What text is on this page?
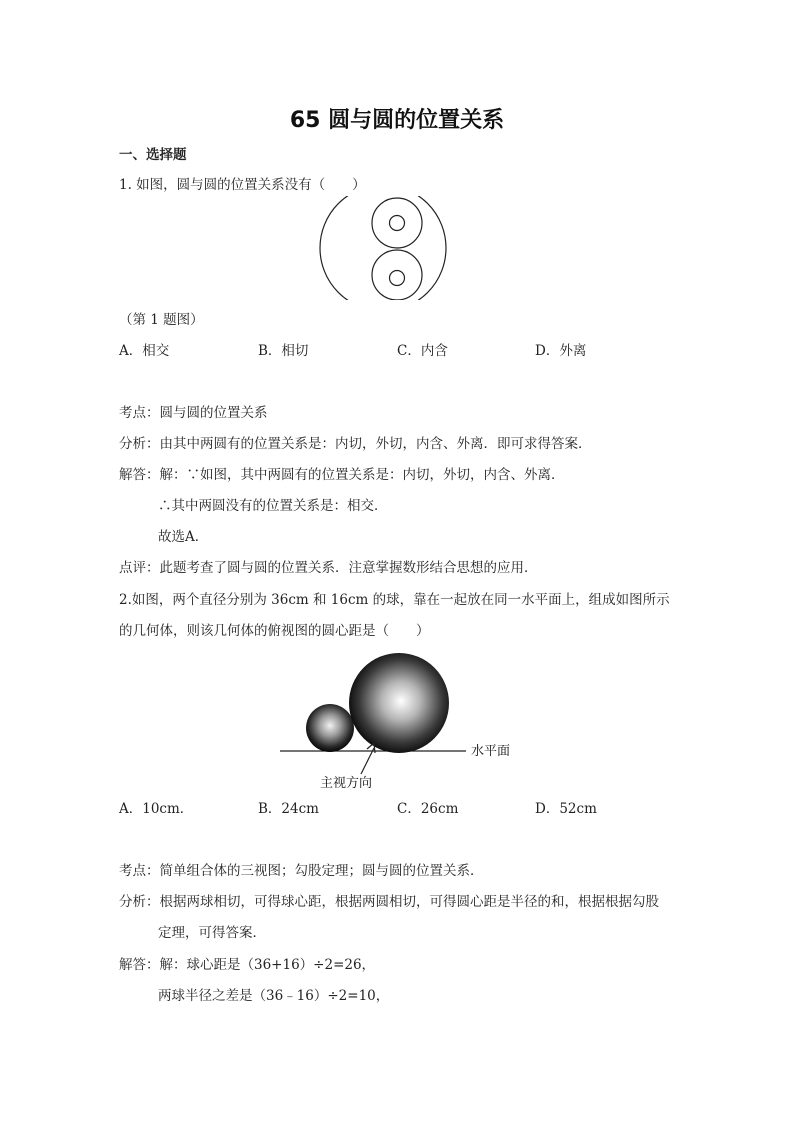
65 圆与圆的位置关系
一、选择题
1. 如图，圆与圆的位置关系没有（　　）
（第 1 题图）
A．相交	B．相切	C．内含	D．外离
考点：圆与圆的位置关系
分析：由其中两圆有的位置关系是：内切，外切，内含、外离．即可求得答案．
解答：解：∵如图，其中两圆有的位置关系是：内切，外切，内含、外离．
∴其中两圆没有的位置关系是：相交．
故选A．
点评：此题考查了圆与圆的位置关系．注意掌握数形结合思想的应用．
2.如图，两个直径分别为 36cm 和 16cm 的球，靠在一起放在同一水平面上，组成如图所示
的几何体，则该几何体的俯视图的圆心距是（　　）
水平面
主视方向
A．10cm．	B．24cm	C．26cm	D．52cm
考点：简单组合体的三视图；勾股定理；圆与圆的位置关系．
分析：根据两球相切，可得球心距，根据两圆相切，可得圆心距是半径的和，根据根据勾股
定理，可得答案．
解答：解：球心距是（36+16）÷2=26，
两球半径之差是（36﹣16）÷2=10，
